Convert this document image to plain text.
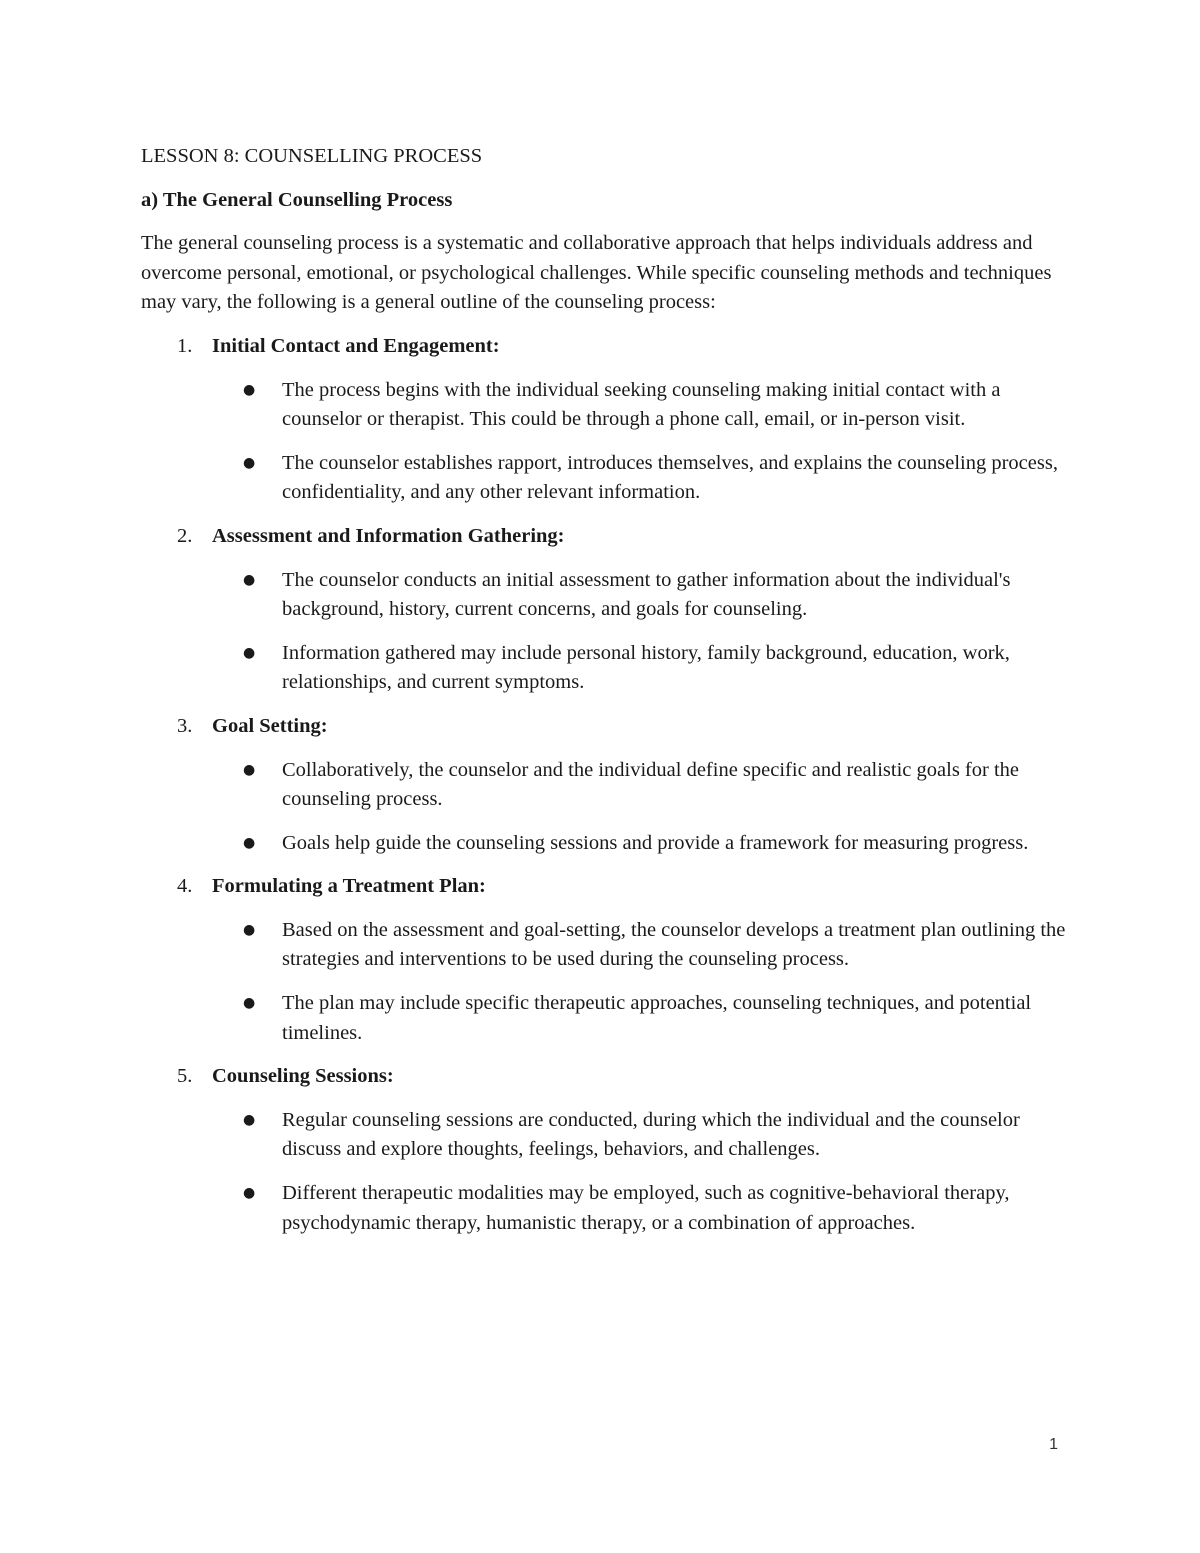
LESSON 8: COUNSELLING PROCESS

a) The General Counselling Process

The general counseling process is a systematic and collaborative approach that helps individuals address and overcome personal, emotional, or psychological challenges. While specific counseling methods and techniques may vary, the following is a general outline of the counseling process:

1. Initial Contact and Engagement:
● The process begins with the individual seeking counseling making initial contact with a counselor or therapist. This could be through a phone call, email, or in-person visit.
● The counselor establishes rapport, introduces themselves, and explains the counseling process, confidentiality, and any other relevant information.
2. Assessment and Information Gathering:
● The counselor conducts an initial assessment to gather information about the individual's background, history, current concerns, and goals for counseling.
● Information gathered may include personal history, family background, education, work, relationships, and current symptoms.
3. Goal Setting:
● Collaboratively, the counselor and the individual define specific and realistic goals for the counseling process.
● Goals help guide the counseling sessions and provide a framework for measuring progress.
4. Formulating a Treatment Plan:
● Based on the assessment and goal-setting, the counselor develops a treatment plan outlining the strategies and interventions to be used during the counseling process.
● The plan may include specific therapeutic approaches, counseling techniques, and potential timelines.
5. Counseling Sessions:
● Regular counseling sessions are conducted, during which the individual and the counselor discuss and explore thoughts, feelings, behaviors, and challenges.
● Different therapeutic modalities may be employed, such as cognitive-behavioral therapy, psychodynamic therapy, humanistic therapy, or a combination of approaches.
1
